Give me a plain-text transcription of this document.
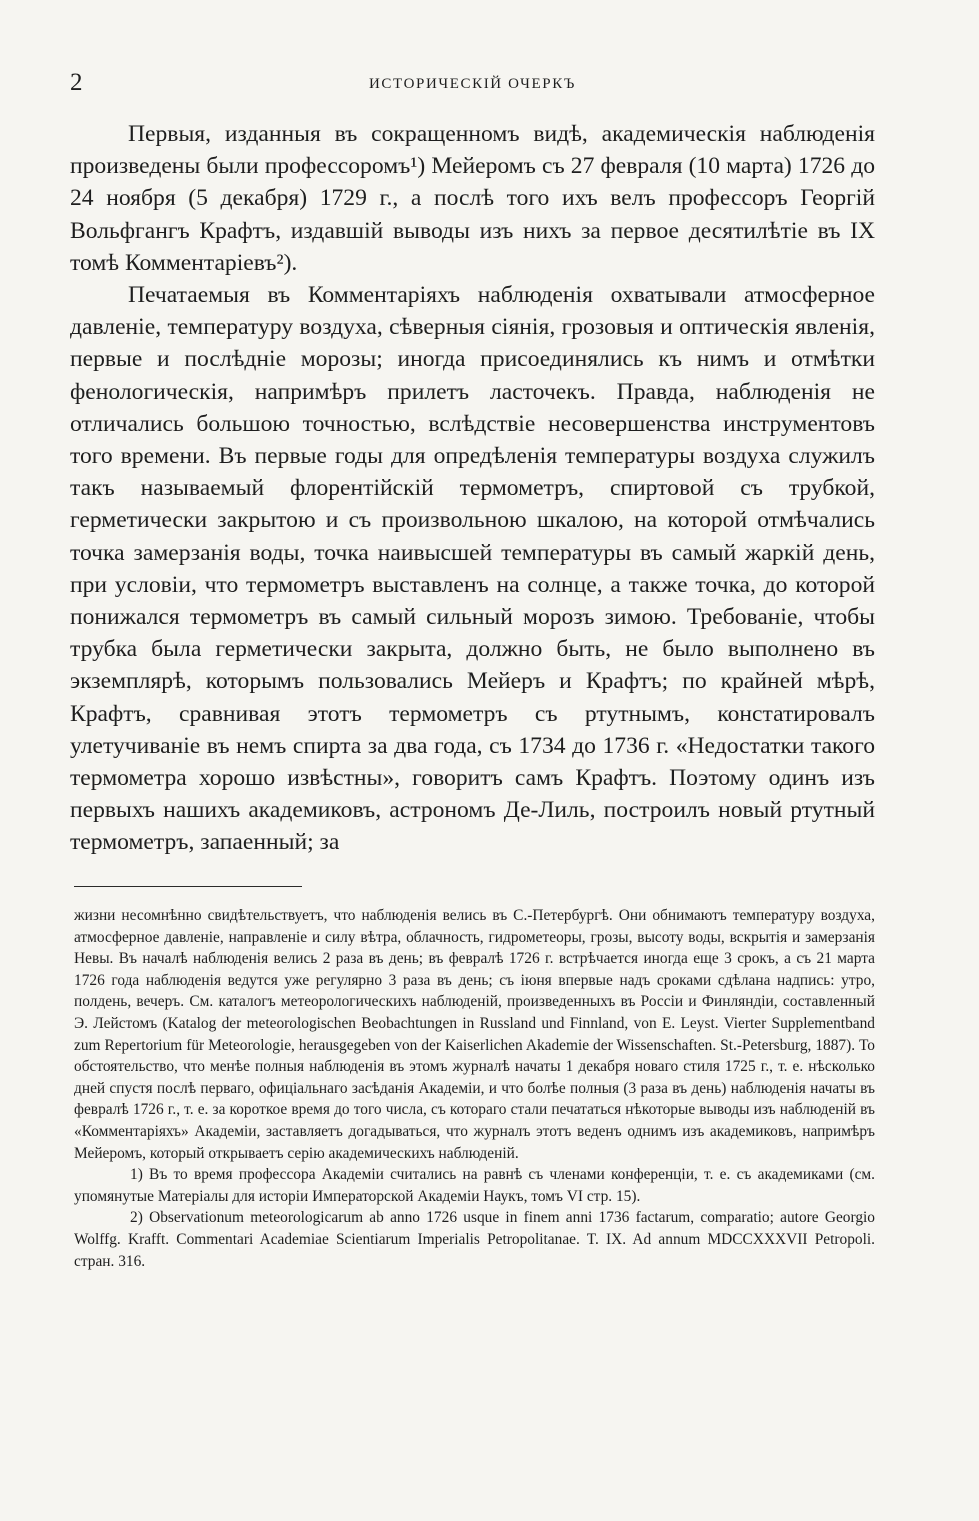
2	ИСТОРИЧЕСКІЙ ОЧЕРКЪ

Первыя, изданныя въ сокращенномъ видѣ, академическія наблюденія произведены были профессоромъ¹) Мейеромъ съ 27 февраля (10 марта) 1726 до 24 ноября (5 декабря) 1729 г., а послѣ того ихъ велъ профессоръ Георгій Вольфгангъ Крафтъ, издавшій выводы изъ нихъ за первое десятилѣтіе въ IX томѣ Комментаріевъ²).

Печатаемыя въ Комментаріяхъ наблюденія охватывали атмосферное давленіе, температуру воздуха, сѣверныя сіянія, грозовыя и оптическія явленія, первые и послѣдніе морозы; иногда присоединялись къ нимъ и отмѣтки фенологическія, напримѣръ прилетъ ласточекъ. Правда, наблюденія не отличались большою точностью, вслѣдствіе несовершенства инструментовъ того времени. Въ первые годы для опредѣленія температуры воздуха служилъ такъ называемый флорентійскій термометръ, спиртовой съ трубкой, герметически закрытою и съ произвольною шкалою, на которой отмѣчались точка замерзанія воды, точка наивысшей температуры въ самый жаркій день, при условіи, что термометръ выставленъ на солнце, а также точка, до которой понижался термометръ въ самый сильный морозъ зимою. Требованіе, чтобы трубка была герметически закрыта, должно быть, не было выполнено въ экземплярѣ, которымъ пользовались Мейеръ и Крафтъ; по крайней мѣрѣ, Крафтъ, сравнивая этотъ термометръ съ ртутнымъ, констатировалъ улетучиваніе въ немъ спирта за два года, съ 1734 до 1736 г. «Недостатки такого термометра хорошо извѣстны», говоритъ самъ Крафтъ. Поэтому одинъ изъ первыхъ нашихъ академиковъ, астрономъ Де-Лиль, построилъ новый ртутный термометръ, запаенный; за

жизни несомнѣнно свидѣтельствуетъ, что наблюденія велись въ С.-Петербургѣ. Они обнимаютъ температуру воздуха, атмосферное давленіе, направленіе и силу вѣтра, облачность, гидрометеоры, грозы, высоту воды, вскрытія и замерзанія Невы. Въ началѣ наблюденія велись 2 раза въ день; въ февралѣ 1726 г. встрѣчается иногда еще 3 срокъ, а съ 21 марта 1726 года наблюденія ведутся уже регулярно 3 раза въ день; съ іюня впервые надъ сроками сдѣлана надпись: утро, полдень, вечеръ. См. каталогъ метеорологическихъ наблюденій, произведенныхъ въ Россіи и Финляндіи, составленный Э. Лейстомъ (Katalog der meteorologischen Beobachtungen in Russland und Finnland, von E. Leyst. Vierter Supplementband zum Repertorium für Meteorologie, herausgegeben von der Kaiserlichen Akademie der Wissenschaften. St.-Petersburg, 1887). То обстоятельство, что менѣе полныя наблюденія въ этомъ журналѣ начаты 1 декабря новаго стиля 1725 г., т. е. нѣсколько дней спустя послѣ перваго, офиціальнаго засѣданія Академіи, и что болѣе полныя (3 раза въ день) наблюденія начаты въ февралѣ 1726 г., т. е. за короткое время до того числа, съ котораго стали печататься нѣкоторые выводы изъ наблюденій въ «Комментаріяхъ» Академіи, заставляетъ догадываться, что журналъ этотъ веденъ однимъ изъ академиковъ, напримѣръ Мейеромъ, который открываетъ серію академическихъ наблюденій.

1) Въ то время профессора Академіи считались на равнѣ съ членами конференціи, т. е. съ академиками (см. упомянутые Матеріалы для исторіи Императорской Академіи Наукъ, томъ VI стр. 15).

2) Observationum meteorologicarum ab anno 1726 usque in finem anni 1736 factarum, comparatio; autore Georgio Wolffg. Krafft. Commentari Academiae Scientiarum Imperialis Petropolitanae. T. IX. Ad annum MDCCXXXVII Petropoli. стран. 316.
